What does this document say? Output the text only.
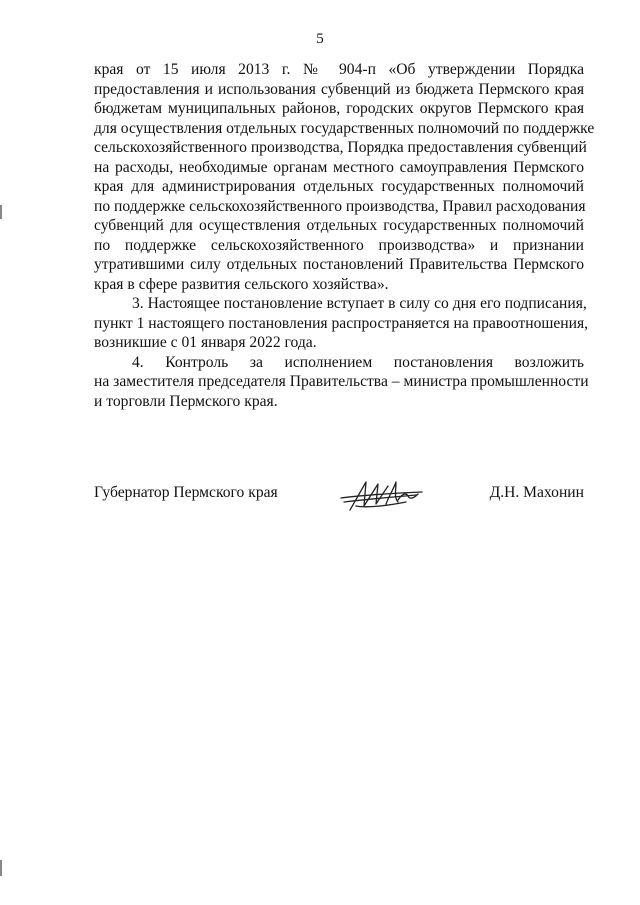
5
края от 15 июля 2013 г. № 904-п «Об утверждении Порядка
предоставления и использования субвенций из бюджета Пермского края
бюджетам муниципальных районов, городских округов Пермского края
для осуществления отдельных государственных полномочий по поддержке
сельскохозяйственного производства, Порядка предоставления субвенций
на расходы, необходимые органам местного самоуправления Пермского
края для администрирования отдельных государственных полномочий
по поддержке сельскохозяйственного производства, Правил расходования
субвенций для осуществления отдельных государственных полномочий
по поддержке сельскохозяйственного производства» и признании
утратившими силу отдельных постановлений Правительства Пермского
края в сфере развития сельского хозяйства».
3. Настоящее постановление вступает в силу со дня его подписания,
пункт 1 настоящего постановления распространяется на правоотношения,
возникшие с 01 января 2022 года.
4. Контроль за исполнением постановления возложить
на заместителя председателя Правительства – министра промышленности
и торговли Пермского края.
Губернатор Пермского края	Д.Н. Махонин
